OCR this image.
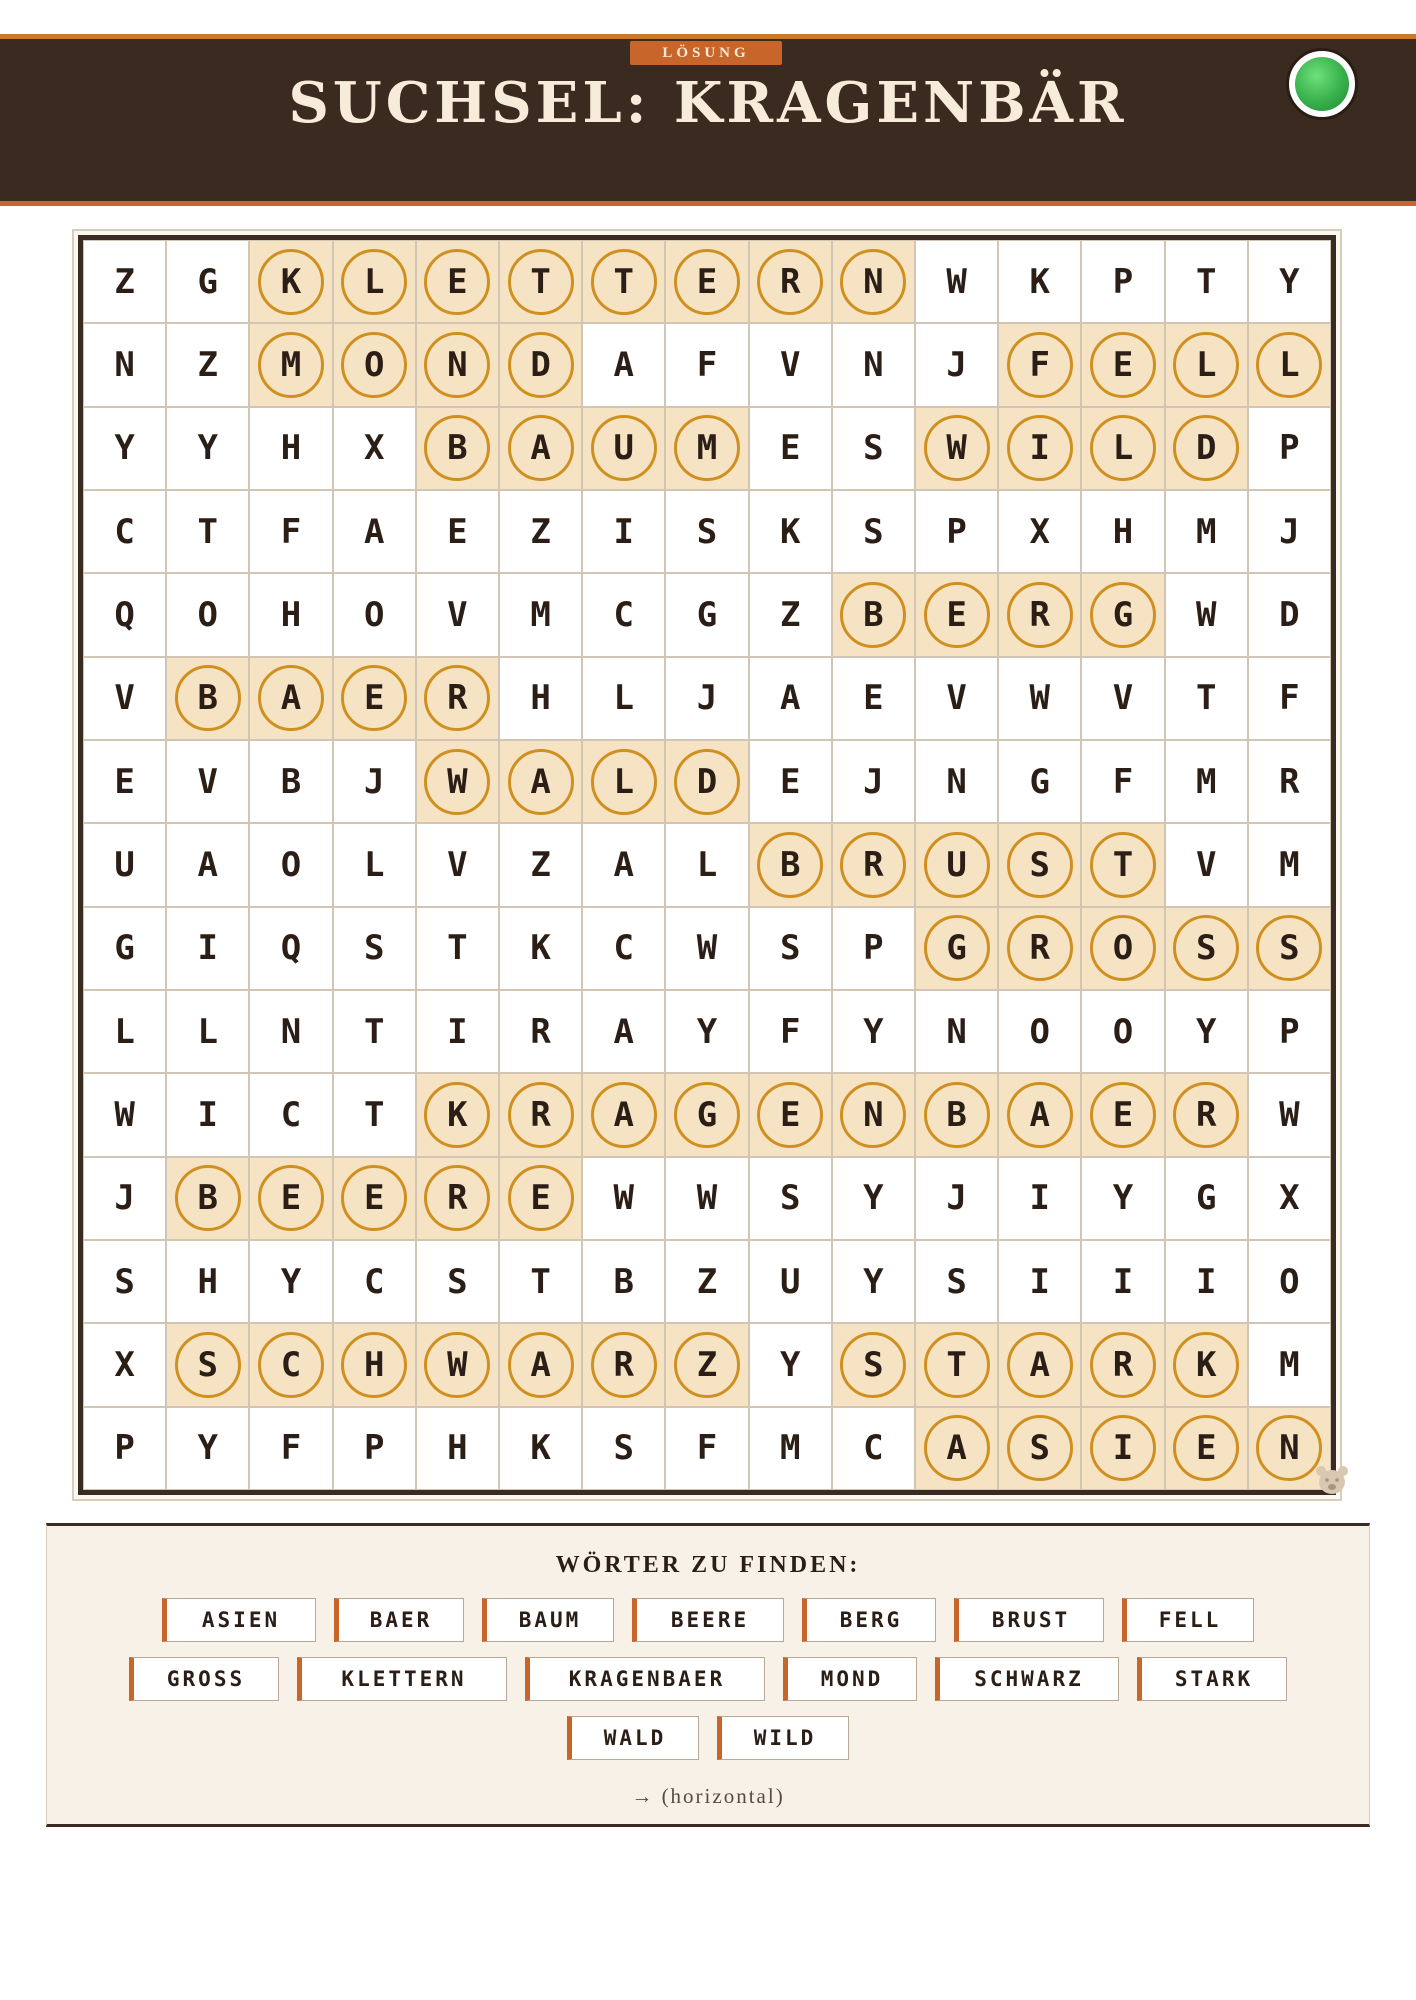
LÖSUNG
SUCHSEL: KRAGENBÄR
Z G K L E T T E R N W K P T Y
N Z M O N D A F V N J F E L L
Y Y H X B A U M E S W I L D P
C T F A E Z I S K S P X H M J
Q O H O V M C G Z B E R G W D
V B A E R H L J A E V W V T F
E V B J W A L D E J N G F M R
U A O L V Z A L B R U S T V M
G I Q S T K C W S P G R O S S
L L N T I R A Y F Y N O O Y P
W I C T K R A G E N B A E R W
J B E E R E W W S Y J I Y G X
S H Y C S T B Z U Y S I I I O
X S C H W A R Z Y S T A R K M
P Y F P H K S F M C A S I E N
WÖRTER ZU FINDEN:
ASIEN	BAER	BAUM	BEERE	BERG	BRUST	FELL
GROSS	KLETTERN	KRAGENBAER	MOND	SCHWARZ	STARK
WALD	WILD
→ (horizontal)
